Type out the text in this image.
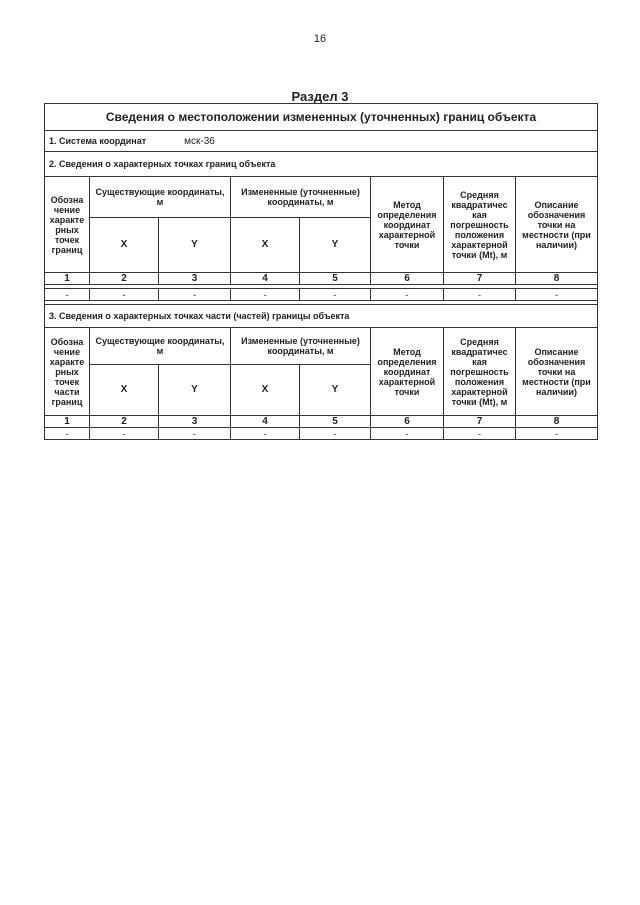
16
Раздел 3
Сведения о местоположении измененных (уточненных) границ объекта							
1. Система координат мск-36							
2. Сведения о характерных точках границ объекта							
Обозна чение характе рных точек границ	Существующие координаты, м		Измененные (уточненные) координаты, м		Метод определения координат характерной точки	Средняя квадратичес кая погрешность положения характерной точки (Mt), м	Описание обозначения точки на местности (при наличии)
	X	Y	X	Y			
1	2	3	4	5	6	7	8

-	-	-	-	-	-	-	-

3. Сведения о характерных точках части (частей) границы объекта							
Обозна чение характе рных точек части границ	Существующие координаты, м		Измененные (уточненные) координаты, м		Метод определения координат характерной точки	Средняя квадратичес кая погрешность положения характерной точки (Mt), м	Описание обозначения точки на местности (при наличии)
	X	Y	X	Y			
1	2	3	4	5	6	7	8
-	-	-	-	-	-	-	-
